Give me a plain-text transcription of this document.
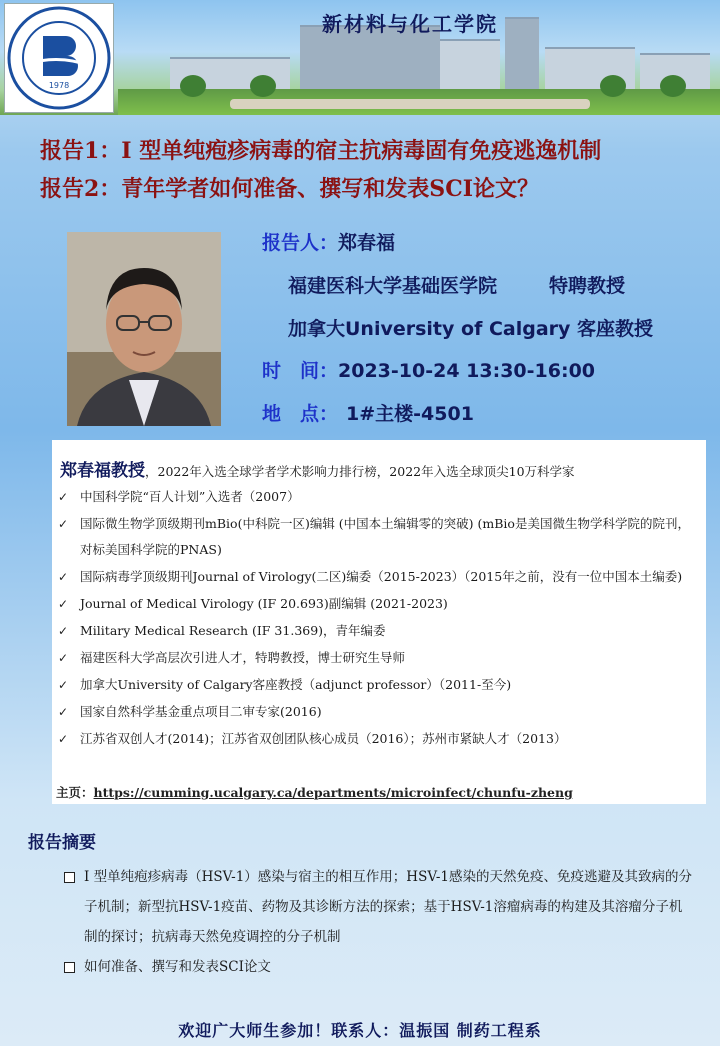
1978
新材料与化工学院
报告1：I 型单纯疱疹病毒的宿主抗病毒固有免疫逃逸机制
报告2：青年学者如何准备、撰写和发表SCI论文？
报告人：郑春福
福建医科大学基础医学院	特聘教授
加拿大University of Calgary 客座教授
时　间：2023-10-24 13:30-16:00
地　点： 1#主楼-4501
郑春福教授，2022年入选全球学者学术影响力排行榜，2022年入选全球顶尖10万科学家
✓ 中国科学院“百人计划”入选者（2007）
✓ 国际微生物学顶级期刊mBio(中科院一区)编辑 (中国本土编辑零的突破) (mBio是美国微生物学科学院的院刊，对标美国科学院的PNAS)
✓ 国际病毒学顶级期刊Journal of Virology(二区)编委（2015-2023）（2015年之前，没有一位中国本土编委)
✓ Journal of Medical Virology (IF 20.693)副编辑 (2021-2023)
✓ Military Medical Research (IF 31.369)，青年编委
✓ 福建医科大学高层次引进人才，特聘教授，博士研究生导师
✓ 加拿大University of Calgary客座教授（adjunct professor）（2011-至今)
✓ 国家自然科学基金重点项目二审专家(2016)
✓ 江苏省双创人才(2014)；江苏省双创团队核心成员（2016）；苏州市紧缺人才（2013）
主页：https://cumming.ucalgary.ca/departments/microinfect/chunfu-zheng
报告摘要
I 型单纯疱疹病毒（HSV-1）感染与宿主的相互作用；HSV-1感染的天然免疫、免疫逃避及其致病的分子机制；新型抗HSV-1疫苗、药物及其诊断方法的探索；基于HSV-1溶瘤病毒的构建及其溶瘤分子机制的探讨；抗病毒天然免疫调控的分子机制
如何准备、撰写和发表SCI论文
欢迎广大师生参加！联系人：温振国 制药工程系
